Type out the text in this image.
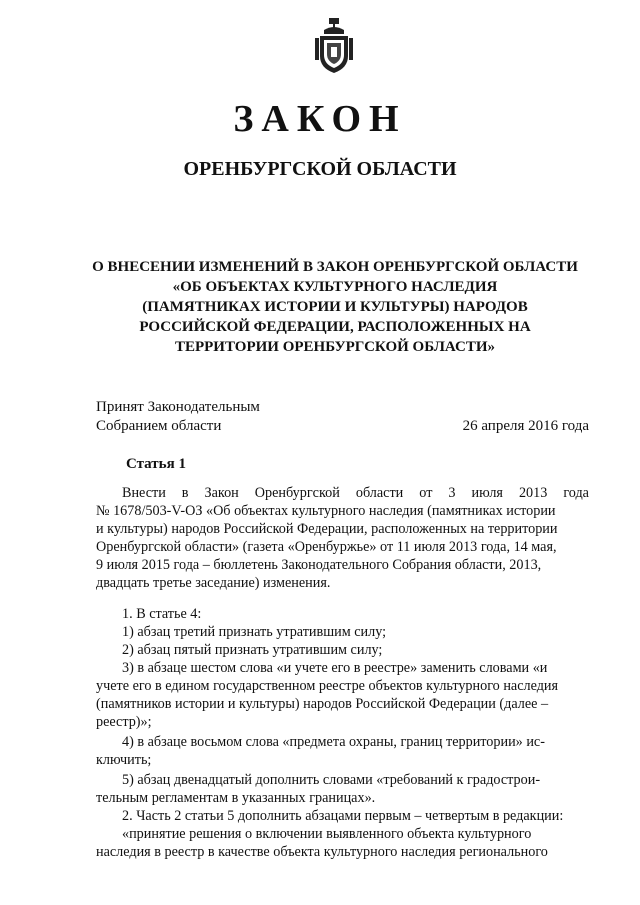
ЗАКОН
ОРЕНБУРГСКОЙ ОБЛАСТИ
О ВНЕСЕНИИ ИЗМЕНЕНИЙ В ЗАКОН ОРЕНБУРГСКОЙ ОБЛАСТИ
«ОБ ОБЪЕКТАХ КУЛЬТУРНОГО НАСЛЕДИЯ
(ПАМЯТНИКАХ ИСТОРИИ И КУЛЬТУРЫ) НАРОДОВ
РОССИЙСКОЙ ФЕДЕРАЦИИ, РАСПОЛОЖЕННЫХ НА
ТЕРРИТОРИИ ОРЕНБУРГСКОЙ ОБЛАСТИ»
Принят Законодательным
Собранием области	26 апреля 2016 года
Статья 1
Внести в Закон Оренбургской области от 3 июля 2013 года
№ 1678/503-V-ОЗ «Об объектах культурного наследия (памятниках истории
и культуры) народов Российской Федерации, расположенных на территории
Оренбургской области» (газета «Оренбуржье» от 11 июля 2013 года, 14 мая,
9 июля 2015 года – бюллетень Законодательного Собрания области, 2013,
двадцать третье заседание) изменения.
1. В статье 4:
1) абзац третий признать утратившим силу;
2) абзац пятый признать утратившим силу;
3) в абзаце шестом слова «и учете его в реестре» заменить словами «и
учете его в едином государственном реестре объектов культурного наследия
(памятников истории и культуры) народов Российской Федерации (далее –
реестр)»;
4) в абзаце восьмом слова «предмета охраны, границ территории» ис-
ключить;
5) абзац двенадцатый дополнить словами «требований к градострои-
тельным регламентам в указанных границах».
2. Часть 2 статьи 5 дополнить абзацами первым – четвертым в редакции:
«принятие решения о включении выявленного объекта культурного
наследия в реестр в качестве объекта культурного наследия регионального
